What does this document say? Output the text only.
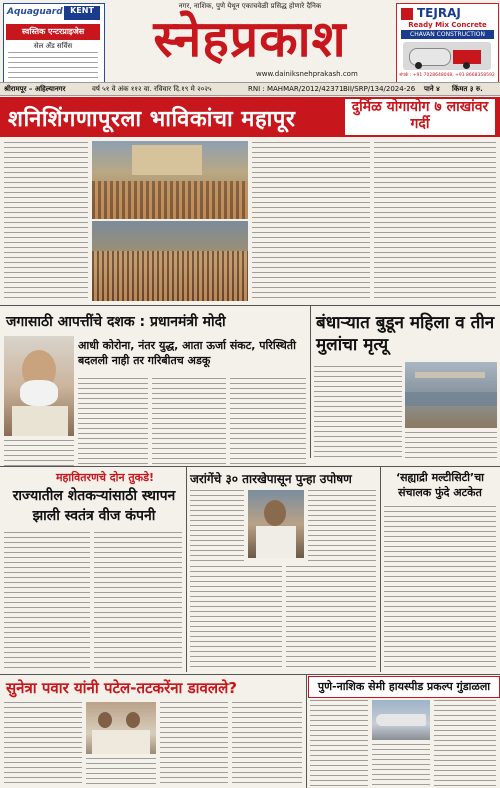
Aquaguard KENT
स्वस्तिक एन्टरप्राइजेस
सेल अँड सर्विस
नगर, नाशिक, पुणे येथून एकाचवेळी प्रसिद्ध होणारे दैनिक
स्नेहप्रकाश
www.dainiksnehprakash.com
TEJRAJ
Ready Mix Concrete
CHAVAN CONSTRUCTION
संपर्क : +91 7028648048, +91 8668358592
श्रीरामपूर – अहिल्यानगर	वर्ष ५१ वे अंक ११२ वा. रविवार दि.१९ मे २०२५	RNI : MAHMAR/2012/42371 BII/SRP/134/2024-26 पाने ४ किंमत ३ रु.
शनिशिंगणापूरला भाविकांचा महापूर	दुर्मिळ योगायोग ७ लाखांवर गर्दी
जगासाठी आपत्तींचे दशक : प्रधानमंत्री मोदी
आधी कोरोना, नंतर युद्ध, आता ऊर्जा संकट, परिस्थिती बदलली नाही तर गरिबीतच अडकू
बंधाऱ्यात बुडून महिला व तीन मुलांचा मृत्यू
महावितरणचे दोन तुकडे!
राज्यातील शेतकऱ्यांसाठी स्थापन झाली स्वतंत्र वीज कंपनी
जरांगेंचे ३० तारखेपासून पुन्हा उपोषण	‘सह्याद्री मल्टीसिटी’चा संचालक फुंदे अटकेत
सुनेत्रा पवार यांनी पटेल-तटकरेंना डावलले?	पुणे-नाशिक सेमी हायस्पीड प्रकल्प गुंडाळला
